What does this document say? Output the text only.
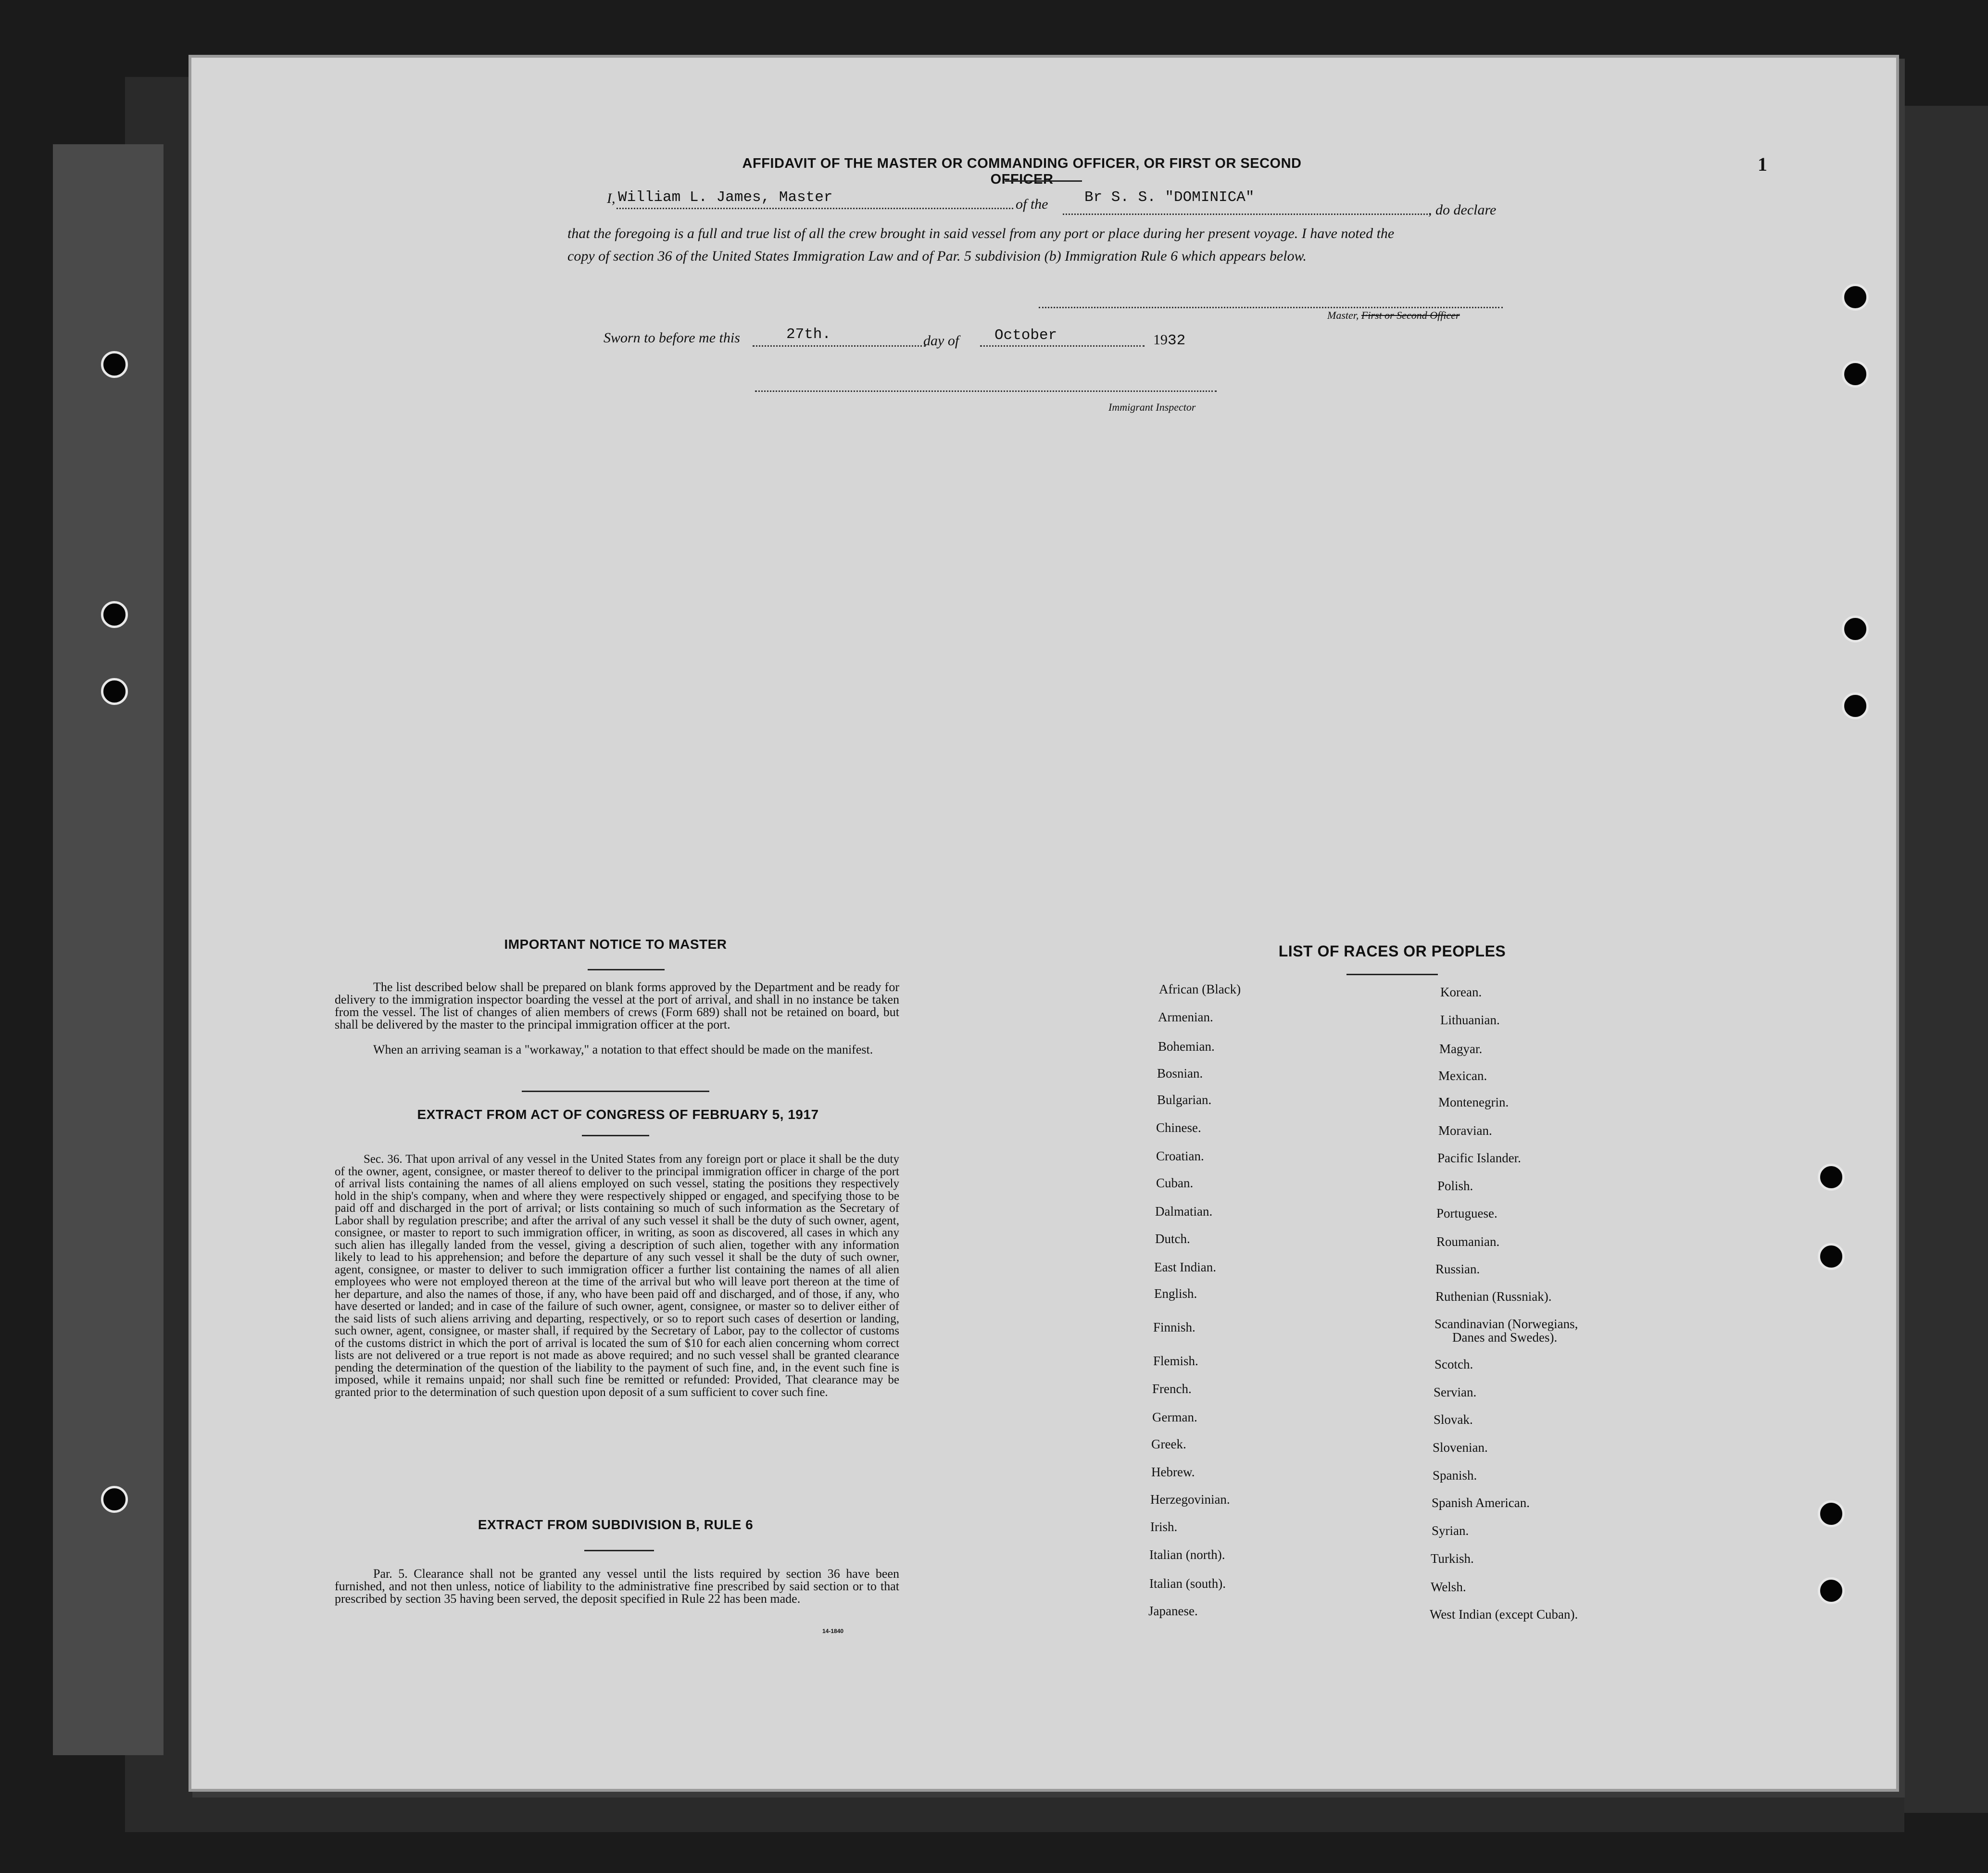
1
AFFIDAVIT OF THE MASTER OR COMMANDING OFFICER, OR FIRST OR SECOND OFFICER
I, William L. James, Master	of the Br S. S. "DOMINICA"
, do declare
that the foregoing is a full and true list of all the crew brought in said vessel from any port or place during her present voyage. I have noted the
copy of section 36 of the United States Immigration Law and of Par. 5 subdivision (b) Immigration Rule 6 which appears below.
Master, First or Second Officer
Sworn to before me this	27th.	day of October	1932
Immigrant Inspector
IMPORTANT NOTICE TO MASTER
The list described below shall be prepared on blank forms approved by the Department and be ready for delivery to the immigration inspector boarding the vessel at the port of arrival, and shall in no instance be taken from the vessel. The list of changes of alien members of crews (Form 689) shall not be retained on board, but shall be delivered by the master to the principal immigration officer at the port.
When an arriving seaman is a "workaway," a notation to that effect should be made on the manifest.
EXTRACT FROM ACT OF CONGRESS OF FEBRUARY 5, 1917
Sec. 36. That upon arrival of any vessel in the United States from any foreign port or place it shall be the duty of the owner, agent, consignee, or master thereof to deliver to the principal immigration officer in charge of the port of arrival lists containing the names of all aliens employed on such vessel, stating the positions they respectively hold in the ship's company, when and where they were respectively shipped or engaged, and specifying those to be paid off and discharged in the port of arrival; or lists containing so much of such information as the Secretary of Labor shall by regulation prescribe; and after the arrival of any such vessel it shall be the duty of such owner, agent, consignee, or master to report to such immigration officer, in writing, as soon as discovered, all cases in which any such alien has illegally landed from the vessel, giving a description of such alien, together with any information likely to lead to his apprehension; and before the departure of any such vessel it shall be the duty of such owner, agent, consignee, or master to deliver to such immigration officer a further list containing the names of all alien employees who were not employed thereon at the time of the arrival but who will leave port thereon at the time of her departure, and also the names of those, if any, who have been paid off and discharged, and of those, if any, who have deserted or landed; and in case of the failure of such owner, agent, consignee, or master so to deliver either of the said lists of such aliens arriving and departing, respectively, or so to report such cases of desertion or landing, such owner, agent, consignee, or master shall, if required by the Secretary of Labor, pay to the collector of customs of the customs district in which the port of arrival is located the sum of $10 for each alien concerning whom correct lists are not delivered or a true report is not made as above required; and no such vessel shall be granted clearance pending the determination of the question of the liability to the payment of such fine, and, in the event such fine is imposed, while it remains unpaid; nor shall such fine be remitted or refunded: Provided, That clearance may be granted prior to the determination of such question upon deposit of a sum sufficient to cover such fine.
EXTRACT FROM SUBDIVISION B, RULE 6
Par. 5. Clearance shall not be granted any vessel until the lists required by section 36 have been furnished, and not then unless, notice of liability to the administrative fine prescribed by said section or to that prescribed by section 35 having been served, the deposit specified in Rule 22 has been made.
14-1840
LIST OF RACES OR PEOPLES
African (Black)
Armenian.
Bohemian.
Bosnian.
Bulgarian.
Chinese.
Croatian.
Cuban.
Dalmatian.
Dutch.
East Indian.
English.
Finnish.
Flemish.
French.
German.
Greek.
Hebrew.
Herzegovinian.
Irish.
Italian (north).
Italian (south).
Japanese.
Korean.
Lithuanian.
Magyar.
Mexican.
Montenegrin.
Moravian.
Pacific Islander.
Polish.
Portuguese.
Roumanian.
Russian.
Ruthenian (Russniak).
Scandinavian (Norwegians,
Danes and Swedes).
Scotch.
Servian.
Slovak.
Slovenian.
Spanish.
Spanish American.
Syrian.
Turkish.
Welsh.
West Indian (except Cuban).
